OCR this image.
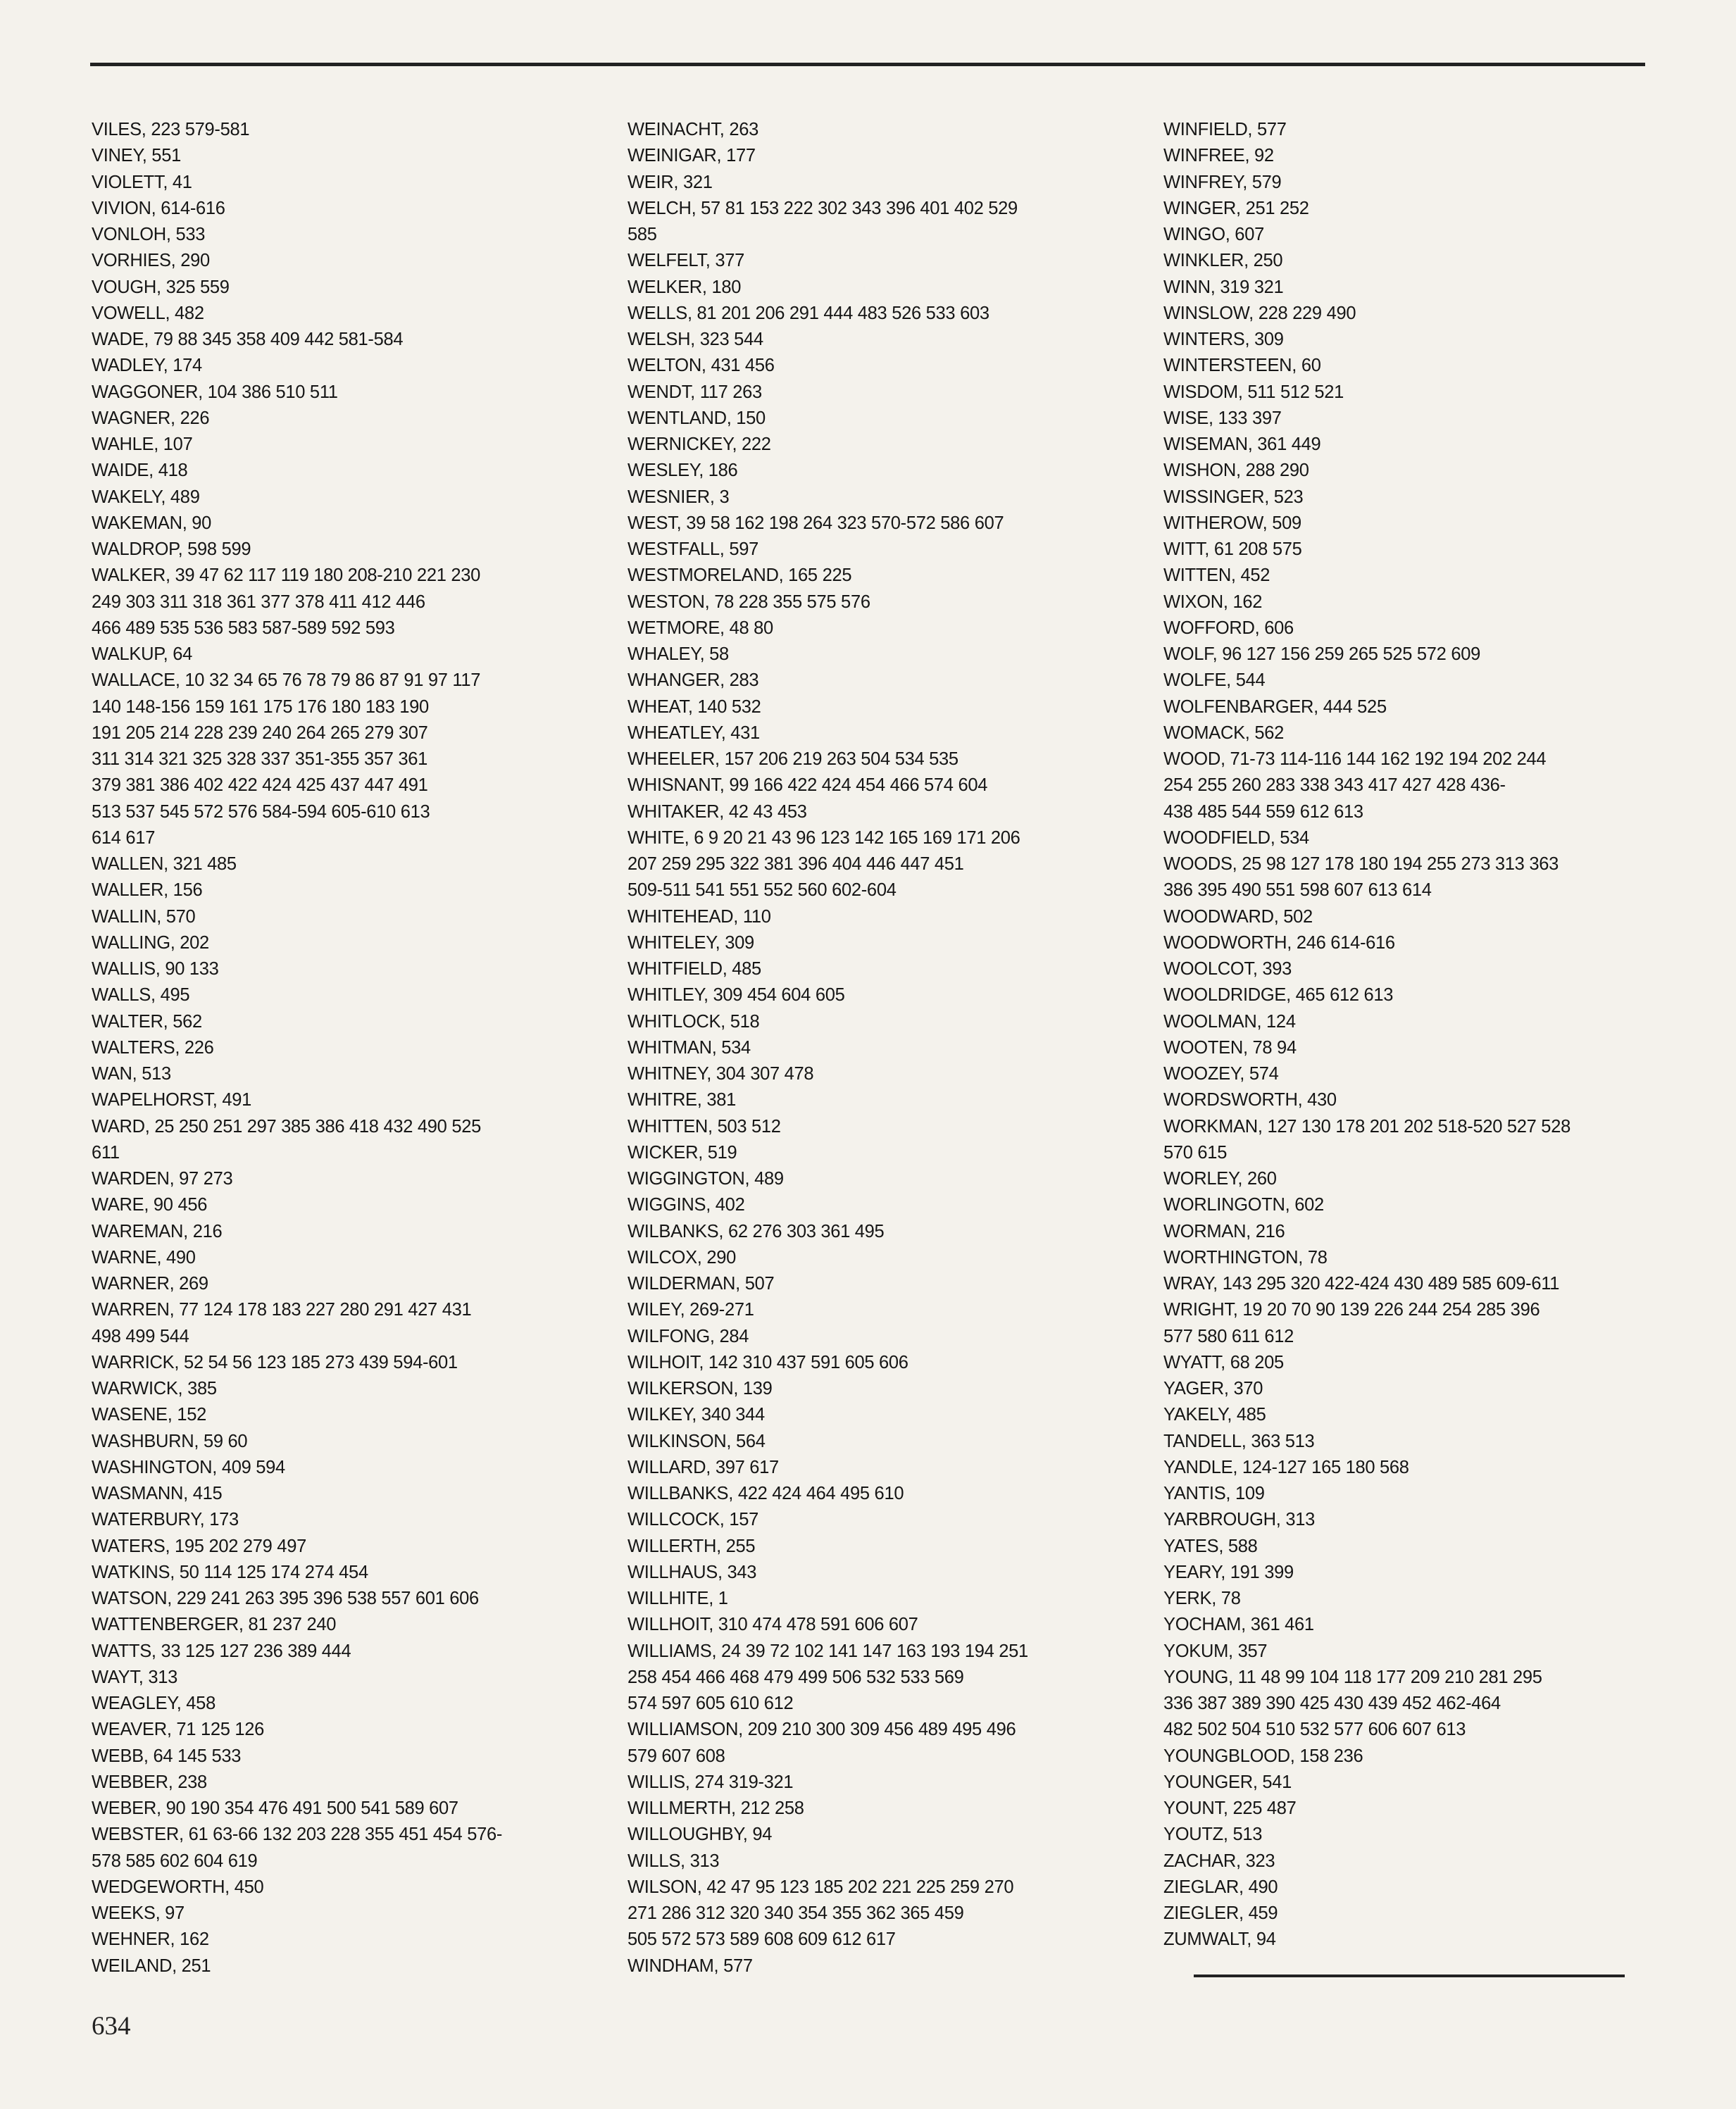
VILES, 223 579-581
VINEY, 551
VIOLETT, 41
VIVION, 614-616
VONLOH, 533
VORHIES, 290
VOUGH, 325 559
VOWELL, 482
WADE, 79 88 345 358 409 442 581-584
WADLEY, 174
WAGGONER, 104 386 510 511
WAGNER, 226
WAHLE, 107
WAIDE, 418
WAKELY, 489
WAKEMAN, 90
WALDROP, 598 599
WALKER, 39 47 62 117 119 180 208-210 221 230
249 303 311 318 361 377 378 411 412 446
466 489 535 536 583 587-589 592 593
WALKUP, 64
WALLACE, 10 32 34 65 76 78 79 86 87 91 97 117
140 148-156 159 161 175 176 180 183 190
191 205 214 228 239 240 264 265 279 307
311 314 321 325 328 337 351-355 357 361
379 381 386 402 422 424 425 437 447 491
513 537 545 572 576 584-594 605-610 613
614 617
WALLEN, 321 485
WALLER, 156
WALLIN, 570
WALLING, 202
WALLIS, 90 133
WALLS, 495
WALTER, 562
WALTERS, 226
WAN, 513
WAPELHORST, 491
WARD, 25 250 251 297 385 386 418 432 490 525
611
WARDEN, 97 273
WARE, 90 456
WAREMAN, 216
WARNE, 490
WARNER, 269
WARREN, 77 124 178 183 227 280 291 427 431
498 499 544
WARRICK, 52 54 56 123 185 273 439 594-601
WARWICK, 385
WASENE, 152
WASHBURN, 59 60
WASHINGTON, 409 594
WASMANN, 415
WATERBURY, 173
WATERS, 195 202 279 497
WATKINS, 50 114 125 174 274 454
WATSON, 229 241 263 395 396 538 557 601 606
WATTENBERGER, 81 237 240
WATTS, 33 125 127 236 389 444
WAYT, 313
WEAGLEY, 458
WEAVER, 71 125 126
WEBB, 64 145 533
WEBBER, 238
WEBER, 90 190 354 476 491 500 541 589 607
WEBSTER, 61 63-66 132 203 228 355 451 454 576-
578 585 602 604 619
WEDGEWORTH, 450
WEEKS, 97
WEHNER, 162
WEILAND, 251
WEINACHT, 263
WEINIGAR, 177
WEIR, 321
WELCH, 57 81 153 222 302 343 396 401 402 529
585
WELFELT, 377
WELKER, 180
WELLS, 81 201 206 291 444 483 526 533 603
WELSH, 323 544
WELTON, 431 456
WENDT, 117 263
WENTLAND, 150
WERNICKEY, 222
WESLEY, 186
WESNIER, 3
WEST, 39 58 162 198 264 323 570-572 586 607
WESTFALL, 597
WESTMORELAND, 165 225
WESTON, 78 228 355 575 576
WETMORE, 48 80
WHALEY, 58
WHANGER, 283
WHEAT, 140 532
WHEATLEY, 431
WHEELER, 157 206 219 263 504 534 535
WHISNANT, 99 166 422 424 454 466 574 604
WHITAKER, 42 43 453
WHITE, 6 9 20 21 43 96 123 142 165 169 171 206
207 259 295 322 381 396 404 446 447 451
509-511 541 551 552 560 602-604
WHITEHEAD, 110
WHITELEY, 309
WHITFIELD, 485
WHITLEY, 309 454 604 605
WHITLOCK, 518
WHITMAN, 534
WHITNEY, 304 307 478
WHITRE, 381
WHITTEN, 503 512
WICKER, 519
WIGGINGTON, 489
WIGGINS, 402
WILBANKS, 62 276 303 361 495
WILCOX, 290
WILDERMAN, 507
WILEY, 269-271
WILFONG, 284
WILHOIT, 142 310 437 591 605 606
WILKERSON, 139
WILKEY, 340 344
WILKINSON, 564
WILLARD, 397 617
WILLBANKS, 422 424 464 495 610
WILLCOCK, 157
WILLERTH, 255
WILLHAUS, 343
WILLHITE, 1
WILLHOIT, 310 474 478 591 606 607
WILLIAMS, 24 39 72 102 141 147 163 193 194 251
258 454 466 468 479 499 506 532 533 569
574 597 605 610 612
WILLIAMSON, 209 210 300 309 456 489 495 496
579 607 608
WILLIS, 274 319-321
WILLMERTH, 212 258
WILLOUGHBY, 94
WILLS, 313
WILSON, 42 47 95 123 185 202 221 225 259 270
271 286 312 320 340 354 355 362 365 459
505 572 573 589 608 609 612 617
WINDHAM, 577
WINFIELD, 577
WINFREE, 92
WINFREY, 579
WINGER, 251 252
WINGO, 607
WINKLER, 250
WINN, 319 321
WINSLOW, 228 229 490
WINTERS, 309
WINTERSTEEN, 60
WISDOM, 511 512 521
WISE, 133 397
WISEMAN, 361 449
WISHON, 288 290
WISSINGER, 523
WITHEROW, 509
WITT, 61 208 575
WITTEN, 452
WIXON, 162
WOFFORD, 606
WOLF, 96 127 156 259 265 525 572 609
WOLFE, 544
WOLFENBARGER, 444 525
WOMACK, 562
WOOD, 71-73 114-116 144 162 192 194 202 244
254 255 260 283 338 343 417 427 428 436-
438 485 544 559 612 613
WOODFIELD, 534
WOODS, 25 98 127 178 180 194 255 273 313 363
386 395 490 551 598 607 613 614
WOODWARD, 502
WOODWORTH, 246 614-616
WOOLCOT, 393
WOOLDRIDGE, 465 612 613
WOOLMAN, 124
WOOTEN, 78 94
WOOZEY, 574
WORDSWORTH, 430
WORKMAN, 127 130 178 201 202 518-520 527 528
570 615
WORLEY, 260
WORLINGOTN, 602
WORMAN, 216
WORTHINGTON, 78
WRAY, 143 295 320 422-424 430 489 585 609-611
WRIGHT, 19 20 70 90 139 226 244 254 285 396
577 580 611 612
WYATT, 68 205
YAGER, 370
YAKELY, 485
TANDELL, 363 513
YANDLE, 124-127 165 180 568
YANTIS, 109
YARBROUGH, 313
YATES, 588
YEARY, 191 399
YERK, 78
YOCHAM, 361 461
YOKUM, 357
YOUNG, 11 48 99 104 118 177 209 210 281 295
336 387 389 390 425 430 439 452 462-464
482 502 504 510 532 577 606 607 613
YOUNGBLOOD, 158 236
YOUNGER, 541
YOUNT, 225 487
YOUTZ, 513
ZACHAR, 323
ZIEGLAR, 490
ZIEGLER, 459
ZUMWALT, 94
634
